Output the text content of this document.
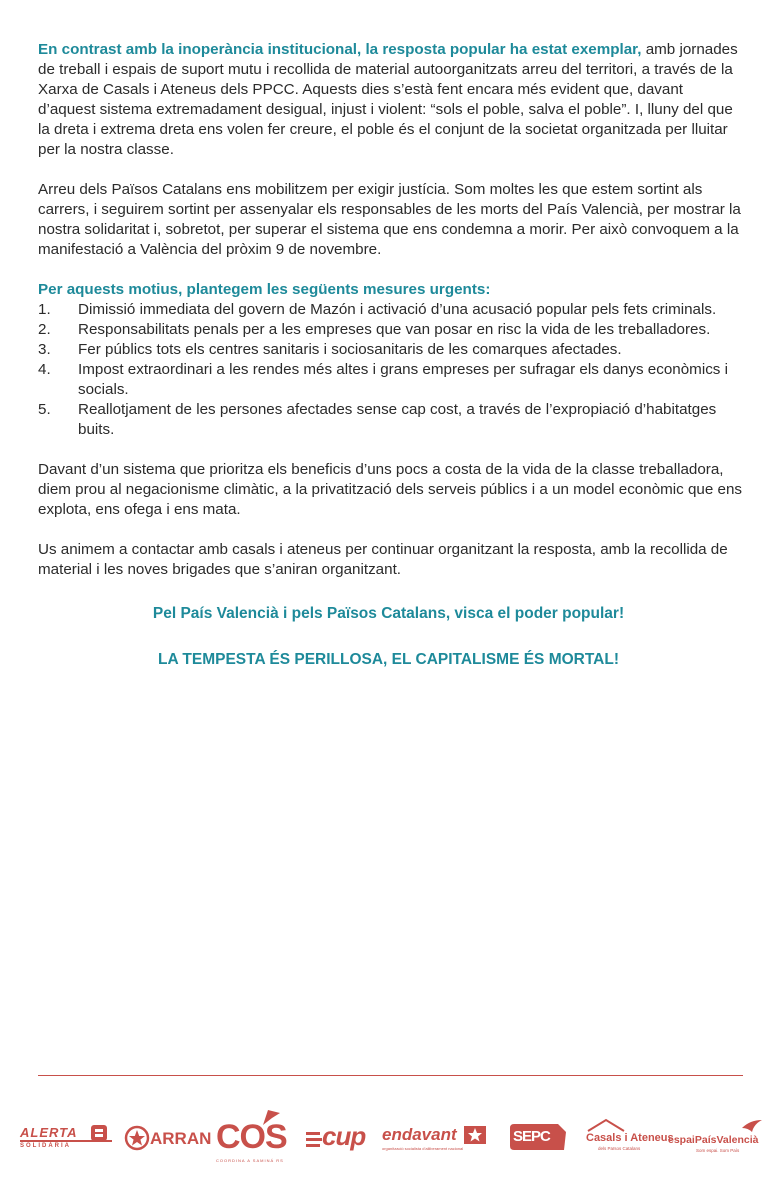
En contrast amb la inoperància institucional, la resposta popular ha estat exemplar, amb jornades de treball i espais de suport mutu i recollida de material autoorganitzats arreu del territori, a través de la Xarxa de Casals i Ateneus dels PPCC. Aquests dies s’està fent encara més evident que, davant d’aquest sistema extremadament desigual, injust i violent: “sols el poble, salva el poble”. I, lluny del que la dreta i extrema dreta ens volen fer creure, el poble és el conjunt de la societat organitzada per lluitar per la nostra classe.

Arreu dels Països Catalans ens mobilitzem per exigir justícia. Som moltes les que estem sortint als carrers, i seguirem sortint per assenyalar els responsables de les morts del País Valencià, per mostrar la nostra solidaritat i, sobretot, per superar el sistema que ens condemna a morir. Per això convoquem a la manifestació a València del pròxim 9 de novembre.

Per aquests motius, plantegem les següents mesures urgents:
1.	Dimissió immediata del govern de Mazón i activació d’una acusació popular pels fets criminals.
2.	Responsabilitats penals per a les empreses que van posar en risc la vida de les treballadores.
3.	Fer públics tots els centres sanitaris i sociosanitaris de les comarques afectades.
4.	Impost extraordinari a les rendes més altes i grans empreses per sufragar els danys econòmics i socials.
5.	Reallotjament de les persones afectades sense cap cost, a través de l’expropiació d’habitatges buits.

Davant d’un sistema que prioritza els beneficis d’uns pocs a costa de la vida de la classe treballadora, diem prou al negacionisme climàtic, a la privatització dels serveis públics i a un model econòmic que ens explota, ens ofega i ens mata.

Us animem a contactar amb casals i ateneus per continuar organitzant la resposta, amb la recollida de material i les noves brigades que s’aniran organitzant.

Pel País Valencià i pels Països Catalans, visca el poder popular!
LA TEMPESTA ÉS PERILLOSA, EL CAPITALISME ÉS MORTAL!
ALERTA
SOLIDÀRIA	ARRAN COS
COORDINA A SAMINÁ RS
cup endavant
organització socialista d’alliberament nacional
SEPC	Casals i Ateneus
dels Països Catalans
espaiPaísValencià
Som espai. Som País
